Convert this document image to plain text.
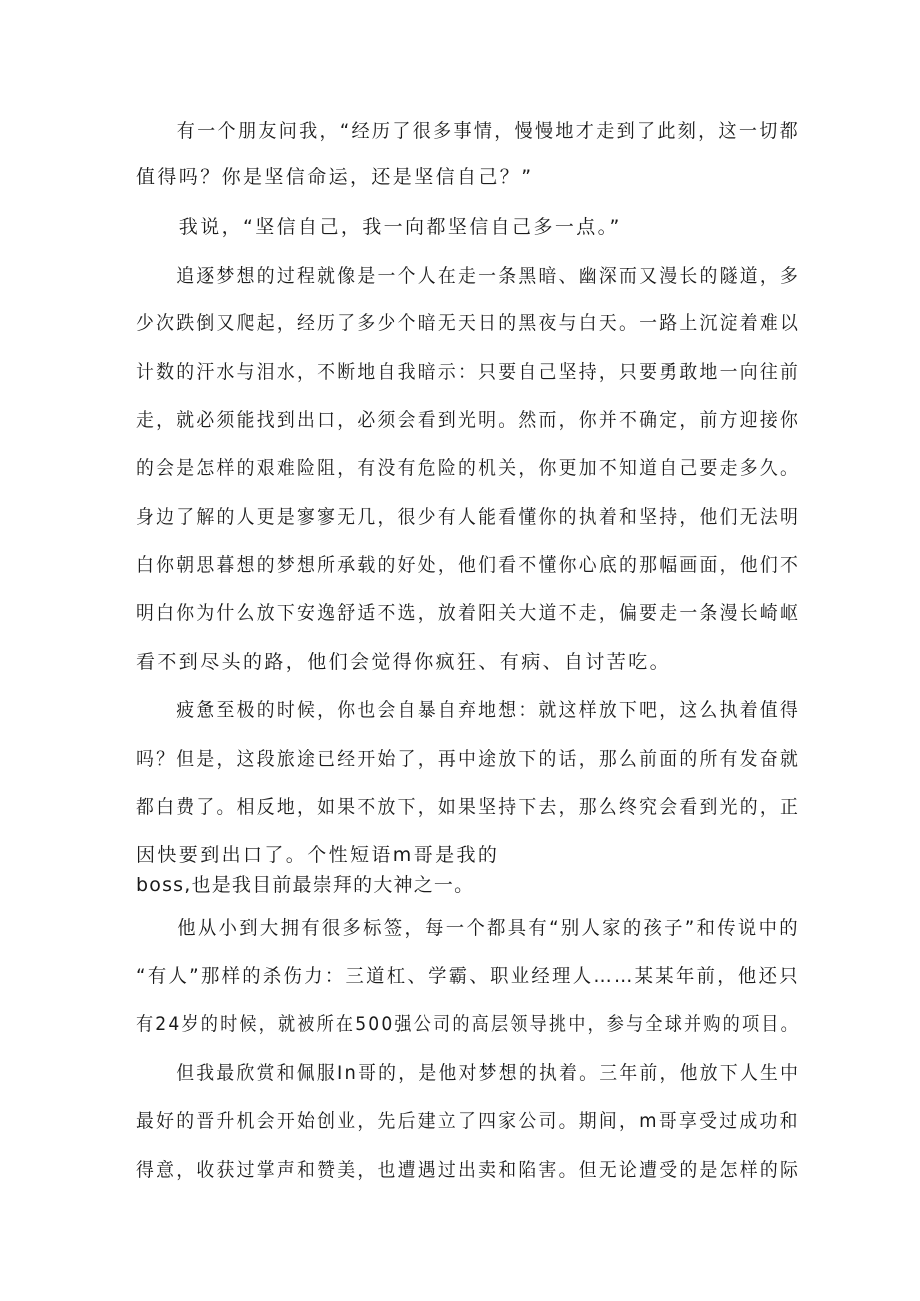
　　有一个朋友问我，“经历了很多事情，慢慢地才走到了此刻，这一切都
值得吗？你是坚信命运，还是坚信自己？”
　　我说，“坚信自己，我一向都坚信自己多一点。”
　　追逐梦想的过程就像是一个人在走一条黑暗、幽深而又漫长的隧道，多
少次跌倒又爬起，经历了多少个暗无天日的黑夜与白天。一路上沉淀着难以
计数的汗水与泪水，不断地自我暗示：只要自己坚持，只要勇敢地一向往前
走，就必须能找到出口，必须会看到光明。然而，你并不确定，前方迎接你
的会是怎样的艰难险阻，有没有危险的机关，你更加不知道自己要走多久。
身边了解的人更是寥寥无几，很少有人能看懂你的执着和坚持，他们无法明
白你朝思暮想的梦想所承载的好处，他们看不懂你心底的那幅画面，他们不
明白你为什么放下安逸舒适不选，放着阳关大道不走，偏要走一条漫长崎岖
看不到尽头的路，他们会觉得你疯狂、有病、自讨苦吃。
　　疲惫至极的时候，你也会自暴自弃地想：就这样放下吧，这么执着值得
吗？但是，这段旅途已经开始了，再中途放下的话，那么前面的所有发奋就
都白费了。相反地，如果不放下，如果坚持下去，那么终究会看到光的，正
因快要到出口了。个性短语m哥是我的
boss,也是我目前最崇拜的大神之一。
　　他从小到大拥有很多标签，每一个都具有“别人家的孩子”和传说中的
“有人”那样的杀伤力：三道杠、学霸、职业经理人……某某年前，他还只
有24岁的时候，就被所在500强公司的高层领导挑中，参与全球并购的项目。
　　但我最欣赏和佩服In哥的，是他对梦想的执着。三年前，他放下人生中
最好的晋升机会开始创业，先后建立了四家公司。期间，m哥享受过成功和
得意，收获过掌声和赞美，也遭遇过出卖和陷害。但无论遭受的是怎样的际
